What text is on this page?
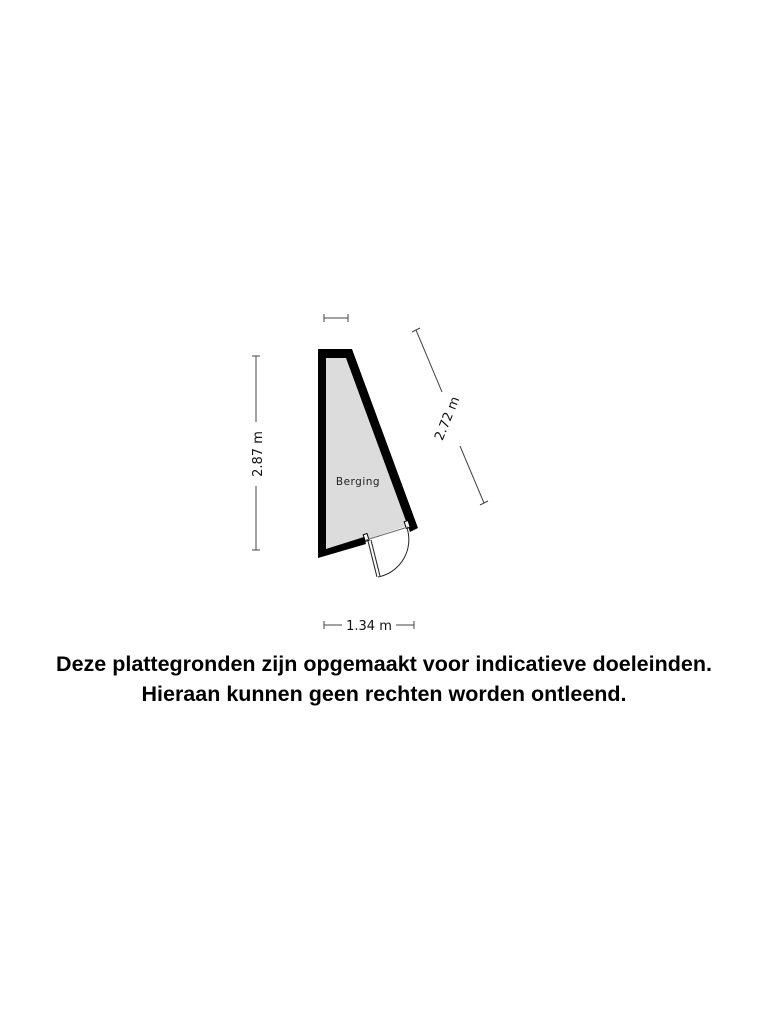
Berging
2.87 m
2.72 m
1.34 m
Deze plattegronden zijn opgemaakt voor indicatieve doeleinden.
Hieraan kunnen geen rechten worden ontleend.
